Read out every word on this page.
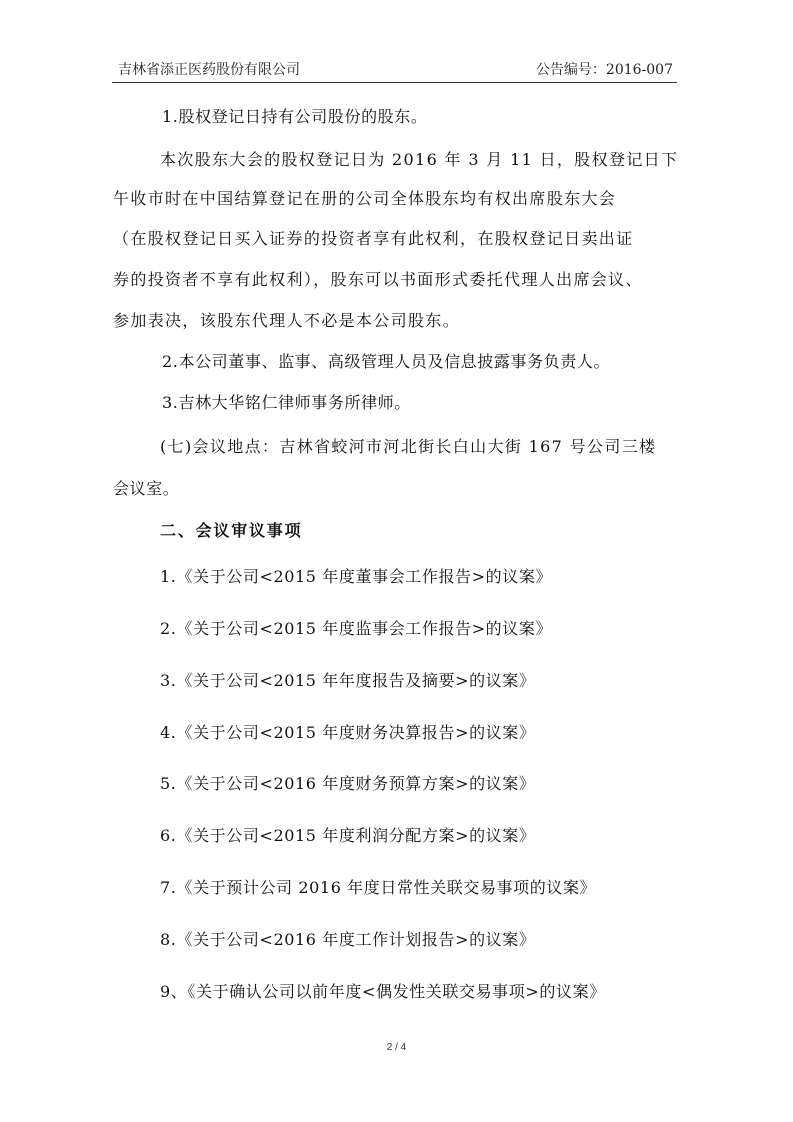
吉林省添正医药股份有限公司	公告编号：2016-007
1.股权登记日持有公司股份的股东。
本次股东大会的股权登记日为 2016 年 3 月 11 日，股权登记日下
午收市时在中国结算登记在册的公司全体股东均有权出席股东大会
（在股权登记日买入证券的投资者享有此权利，在股权登记日卖出证
券的投资者不享有此权利），股东可以书面形式委托代理人出席会议、
参加表决，该股东代理人不必是本公司股东。
2.本公司董事、监事、高级管理人员及信息披露事务负责人。
3.吉林大华铭仁律师事务所律师。
(七)会议地点：吉林省蛟河市河北街长白山大街 167 号公司三楼
会议室。
二、会议审议事项
1.《关于公司<2015 年度董事会工作报告>的议案》
2.《关于公司<2015 年度监事会工作报告>的议案》
3.《关于公司<2015 年年度报告及摘要>的议案》
4.《关于公司<2015 年度财务决算报告>的议案》
5.《关于公司<2016 年度财务预算方案>的议案》
6.《关于公司<2015 年度利润分配方案>的议案》
7.《关于预计公司 2016 年度日常性关联交易事项的议案》
8.《关于公司<2016 年度工作计划报告>的议案》
9、《关于确认公司以前年度<偶发性关联交易事项>的议案》
2 / 4
